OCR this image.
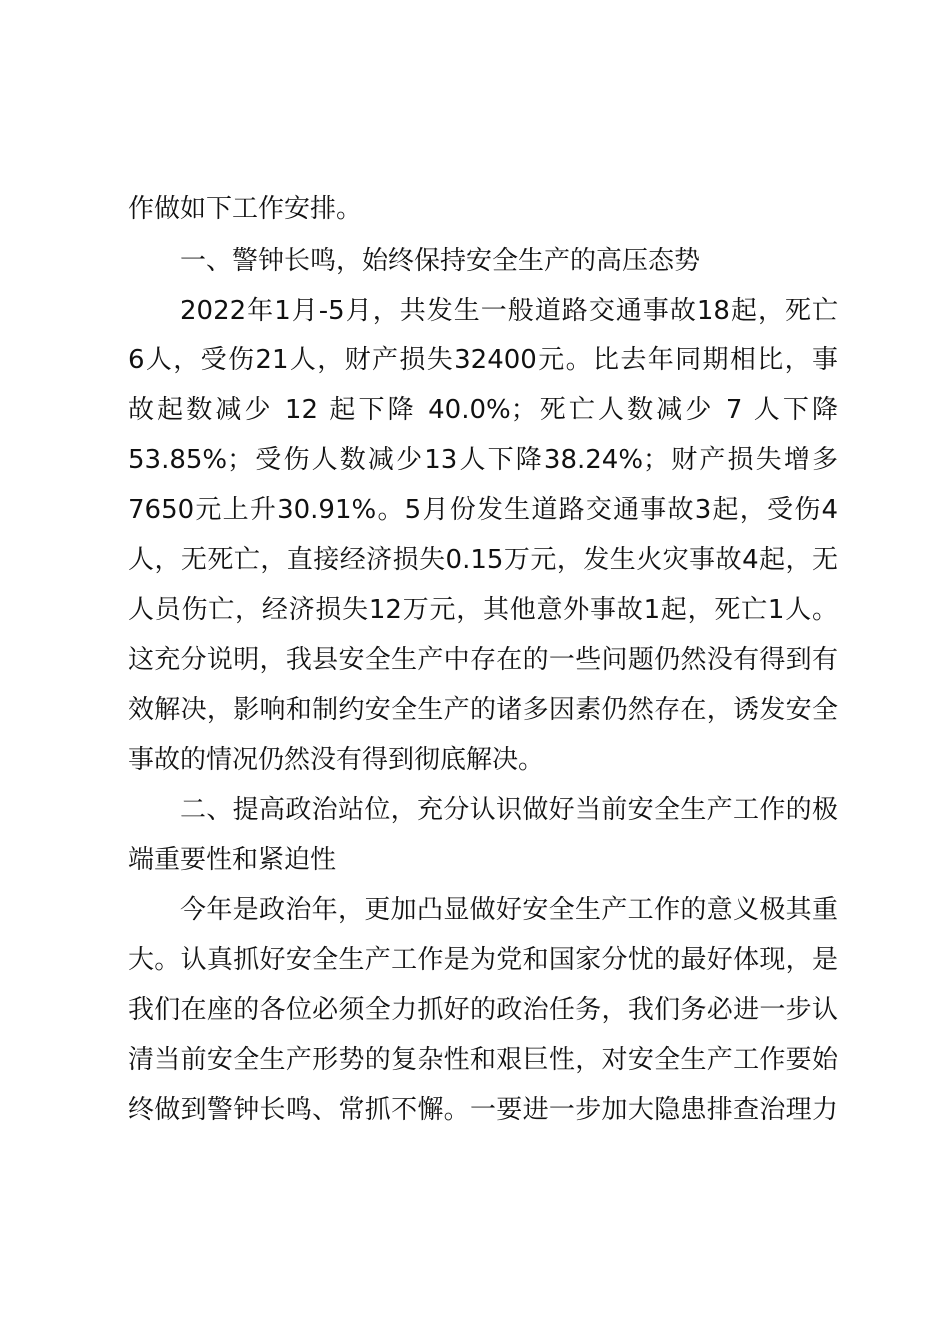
作做如下工作安排。
一、警钟长鸣，始终保持安全生产的高压态势
2022年1月-5月，共发生一般道路交通事故18起，死亡
6人，受伤21人，财产损失32400元。比去年同期相比，事
故起数减少 12 起下降 40.0%；死亡人数减少 7 人下降
53.85%；受伤人数减少13人下降38.24%；财产损失增多
7650元上升30.91%。5月份发生道路交通事故3起，受伤4
人，无死亡，直接经济损失0.15万元，发生火灾事故4起，无
人员伤亡，经济损失12万元，其他意外事故1起，死亡1人。
这充分说明，我县安全生产中存在的一些问题仍然没有得到有
效解决，影响和制约安全生产的诸多因素仍然存在，诱发安全
事故的情况仍然没有得到彻底解决。
二、提高政治站位，充分认识做好当前安全生产工作的极
端重要性和紧迫性
今年是政治年，更加凸显做好安全生产工作的意义极其重
大。认真抓好安全生产工作是为党和国家分忧的最好体现，是
我们在座的各位必须全力抓好的政治任务，我们务必进一步认
清当前安全生产形势的复杂性和艰巨性，对安全生产工作要始
终做到警钟长鸣、常抓不懈。一要进一步加大隐患排查治理力
